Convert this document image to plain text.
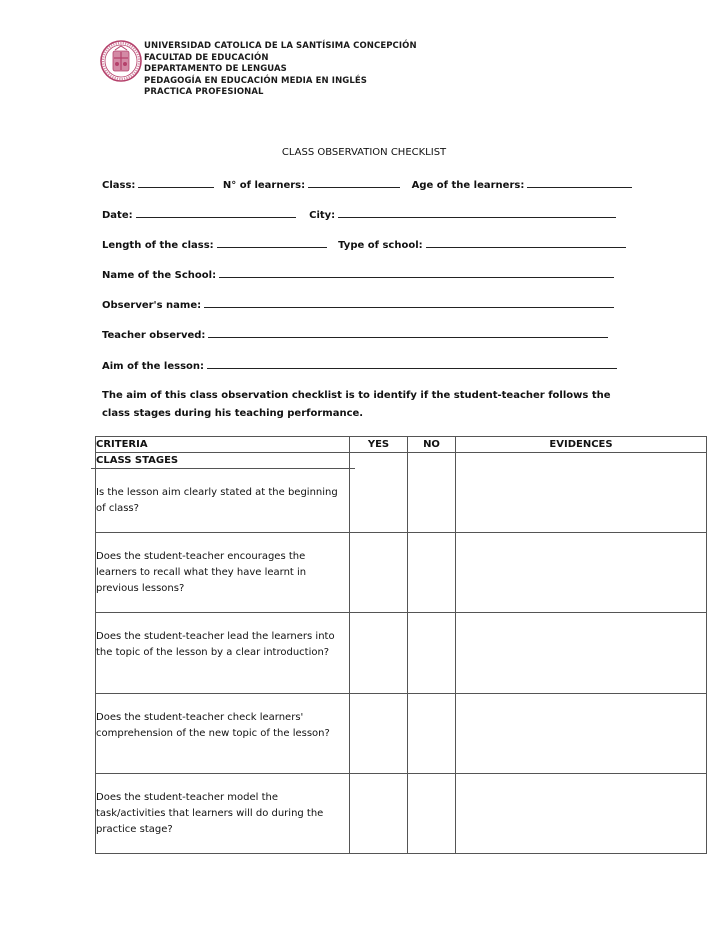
UNIVERSIDAD CATOLICA DE LA SANTÍSIMA CONCEPCIÓN
FACULTAD DE EDUCACIÓN
DEPARTAMENTO DE LENGUAS
PEDAGOGÍA EN EDUCACIÓN MEDIA EN INGLÉS
PRACTICA PROFESIONAL
CLASS OBSERVATION CHECKLIST
Class:	N° of learners:	Age of the learners:
Date:	City:
Length of the class:	Type of school:
Name of the School:
Observer's name:
Teacher observed:
Aim of the lesson:
The aim of this class observation checklist is to identify if the student-teacher follows the class stages during his teaching performance.
CRITERIA	YES	NO	EVIDENCES

CLASS STAGES
Is the lesson aim clearly stated at the beginning of class?			

Does the student-teacher encourages the learners to recall what they have learnt in previous lessons?			

Does the student-teacher lead the learners into the topic of the lesson by a clear introduction?			

Does the student-teacher check learners' comprehension of the new topic of the lesson?			

Does the student-teacher model the task/activities that learners will do during the practice stage?			
